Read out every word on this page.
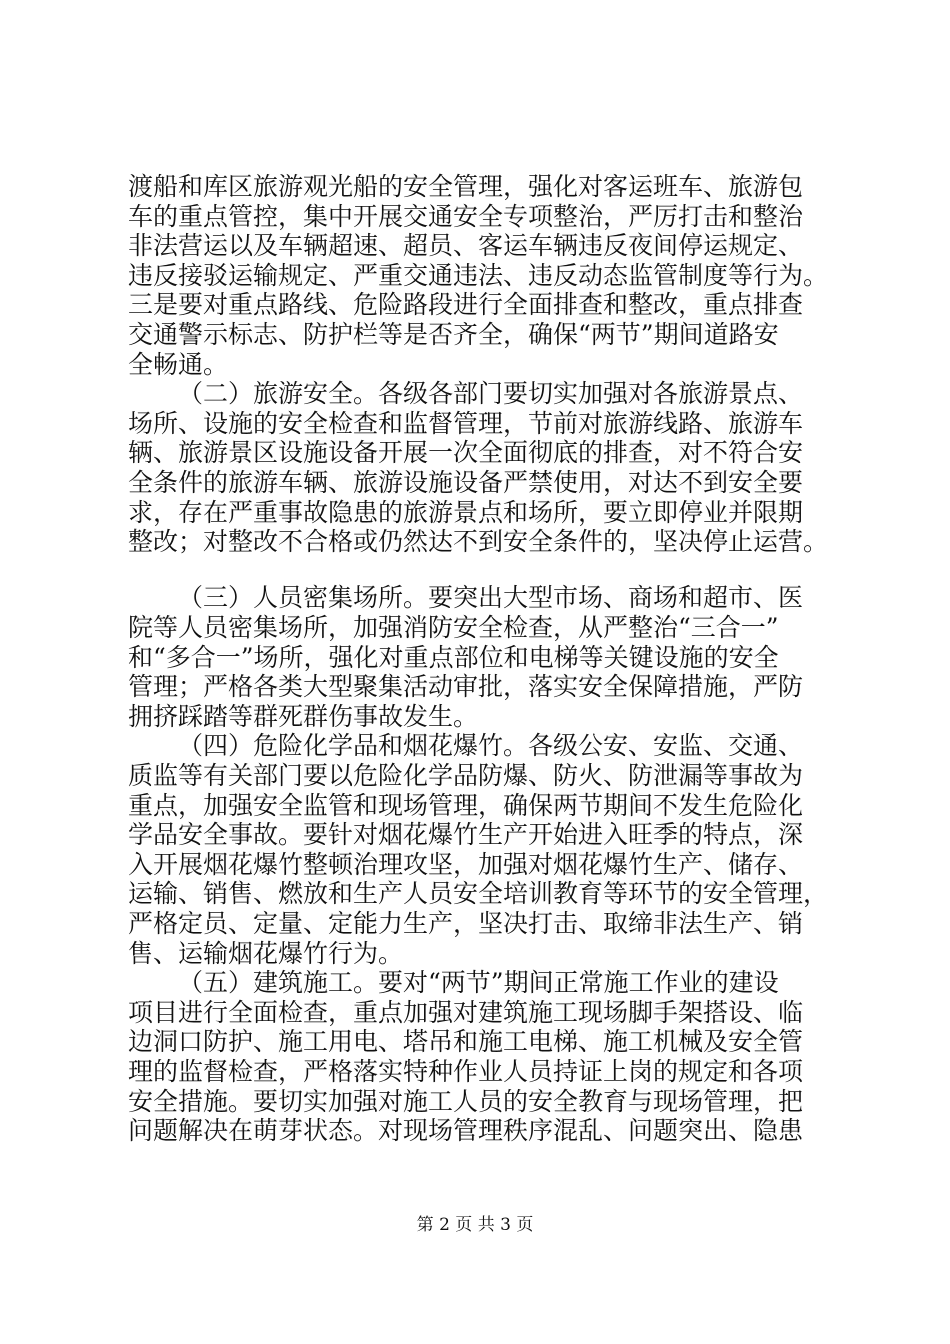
渡船和库区旅游观光船的安全管理，强化对客运班车、旅游包
车的重点管控，集中开展交通安全专项整治，严厉打击和整治
非法营运以及车辆超速、超员、客运车辆违反夜间停运规定、
违反接驳运输规定、严重交通违法、违反动态监管制度等行为。
三是要对重点路线、危险路段进行全面排查和整改，重点排查
交通警示标志、防护栏等是否齐全，确保“两节”期间道路安
全畅通。
（二）旅游安全。各级各部门要切实加强对各旅游景点、
场所、设施的安全检查和监督管理，节前对旅游线路、旅游车
辆、旅游景区设施设备开展一次全面彻底的排查，对不符合安
全条件的旅游车辆、旅游设施设备严禁使用，对达不到安全要
求，存在严重事故隐患的旅游景点和场所，要立即停业并限期
整改；对整改不合格或仍然达不到安全条件的，坚决停止运营。
（三）人员密集场所。要突出大型市场、商场和超市、医
院等人员密集场所，加强消防安全检查，从严整治“三合一”
和“多合一”场所，强化对重点部位和电梯等关键设施的安全
管理；严格各类大型聚集活动审批，落实安全保障措施，严防
拥挤踩踏等群死群伤事故发生。
（四）危险化学品和烟花爆竹。各级公安、安监、交通、
质监等有关部门要以危险化学品防爆、防火、防泄漏等事故为
重点，加强安全监管和现场管理，确保两节期间不发生危险化
学品安全事故。要针对烟花爆竹生产开始进入旺季的特点，深
入开展烟花爆竹整顿治理攻坚，加强对烟花爆竹生产、储存、
运输、销售、燃放和生产人员安全培训教育等环节的安全管理，
严格定员、定量、定能力生产，坚决打击、取缔非法生产、销
售、运输烟花爆竹行为。
（五）建筑施工。要对“两节”期间正常施工作业的建设
项目进行全面检查，重点加强对建筑施工现场脚手架搭设、临
边洞口防护、施工用电、塔吊和施工电梯、施工机械及安全管
理的监督检查，严格落实特种作业人员持证上岗的规定和各项
安全措施。要切实加强对施工人员的安全教育与现场管理，把
问题解决在萌芽状态。对现场管理秩序混乱、问题突出、隐患
第 2 页 共 3 页
